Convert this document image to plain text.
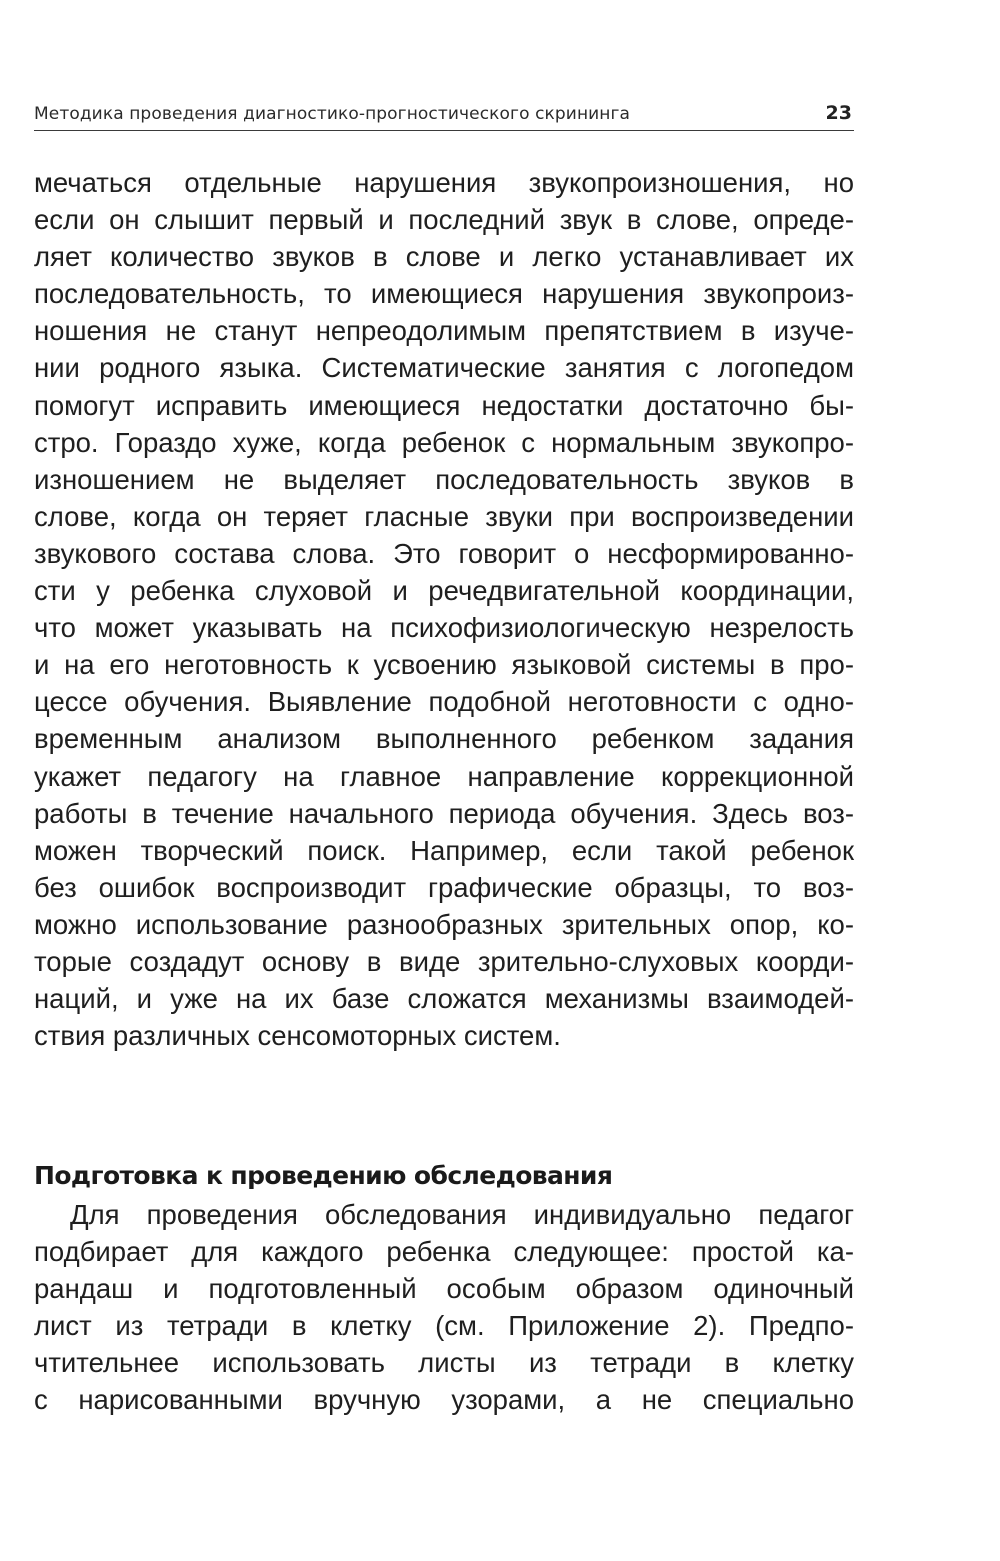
Методика проведения диагностико-прогностического скрининга	23
мечаться отдельные нарушения звукопроизношения, но
если он слышит первый и последний звук в слове, опреде-
ляет количество звуков в слове и легко устанавливает их
последовательность, то имеющиеся нарушения звукопроиз-
ношения не станут непреодолимым препятствием в изуче-
нии родного языка. Систематические занятия с логопедом
помогут исправить имеющиеся недостатки достаточно бы-
стро. Гораздо хуже, когда ребенок с нормальным звукопро-
изношением не выделяет последовательность звуков в
слове, когда он теряет гласные звуки при воспроизведении
звукового состава слова. Это говорит о несформированно-
сти у ребенка слуховой и речедвигательной координации,
что может указывать на психофизиологическую незрелость
и на его неготовность к усвоению языковой системы в про-
цессе обучения. Выявление подобной неготовности с одно-
временным анализом выполненного ребенком задания
укажет педагогу на главное направление коррекционной
работы в течение начального периода обучения. Здесь воз-
можен творческий поиск. Например, если такой ребенок
без ошибок воспроизводит графические образцы, то воз-
можно использование разнообразных зрительных опор, ко-
торые создадут основу в виде зрительно-слуховых коорди-
наций, и уже на их базе сложатся механизмы взаимодей-
ствия различных сенсомоторных систем.
Подготовка к проведению обследования
Для проведения обследования индивидуально педагог
подбирает для каждого ребенка следующее: простой ка-
рандаш и подготовленный особым образом одиночный
лист из тетради в клетку (см. Приложение 2). Предпо-
чтительнее использовать листы из тетради в клетку
с нарисованными вручную узорами, а не специально
